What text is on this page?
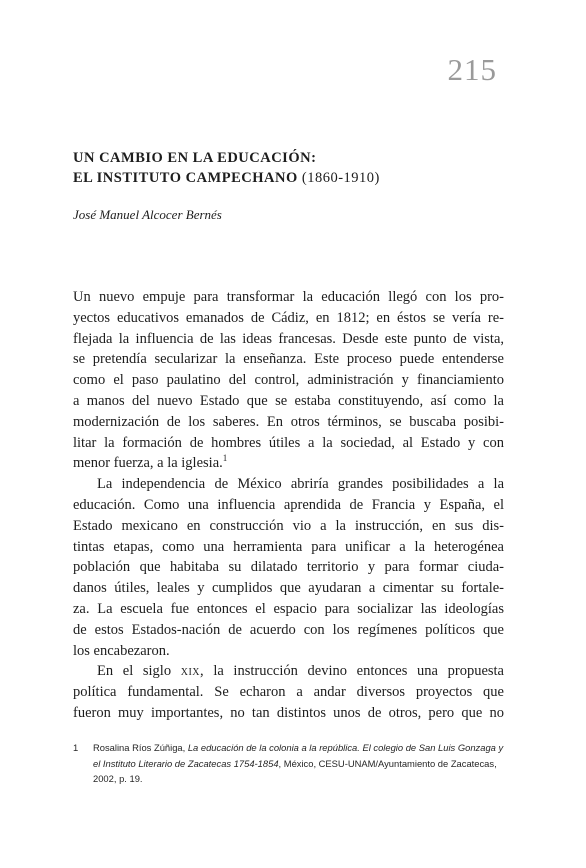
215
UN CAMBIO EN LA EDUCACIÓN:
EL INSTITUTO CAMPECHANO (1860-1910)
José Manuel Alcocer Bernés
Un nuevo empuje para transformar la educación llegó con los pro-
yectos educativos emanados de Cádiz, en 1812; en éstos se vería re-
flejada la influencia de las ideas francesas. Desde este punto de vista,
se pretendía secularizar la enseñanza. Este proceso puede entenderse
como el paso paulatino del control, administración y financiamiento
a manos del nuevo Estado que se estaba constituyendo, así como la
modernización de los saberes. En otros términos, se buscaba posibi-
litar la formación de hombres útiles a la sociedad, al Estado y con
menor fuerza, a la iglesia.$^1$
La independencia de México abriría grandes posibilidades a la
educación. Como una influencia aprendida de Francia y España, el
Estado mexicano en construcción vio a la instrucción, en sus dis-
tintas etapas, como una herramienta para unificar a la heterogénea
población que habitaba su dilatado territorio y para formar ciuda-
danos útiles, leales y cumplidos que ayudaran a cimentar su fortale-
za. La escuela fue entonces el espacio para socializar las ideologías
de estos Estados-nación de acuerdo con los regímenes políticos que
los encabezaron.
En el siglo xix, la instrucción devino entonces una propuesta
política fundamental. Se echaron a andar diversos proyectos que
fueron muy importantes, no tan distintos unos de otros, pero que no
1 Rosalina Ríos Zúñiga, La educación de la colonia a la república. El colegio de San Luis Gonzaga y
el Instituto Literario de Zacatecas 1754-1854, México, CESU-UNAM/Ayuntamiento de Zacatecas,
2002, p. 19.
